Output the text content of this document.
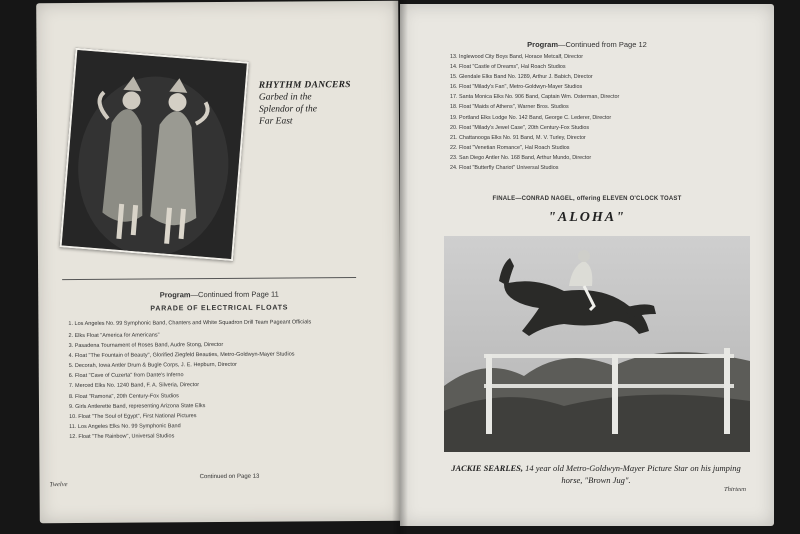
RHYTHM DANCERS
Garbed in the
Splendor of the
Far East
Program—Continued from Page 11
PARADE OF ELECTRICAL FLOATS
1. Los Angeles No. 99 Symphonic Band, Chanters and White Squadron Drill Team Pageant Officials
2. Elks Float "America for Americans"
3. Pasadena Tournament of Roses Band, Audre Stong, Director
4. Float "The Fountain of Beauty", Glorified Ziegfeld Beauties, Metro-Goldwyn-Mayer Studios
5. Decorah, Iowa Antler Drum & Bugle Corps, J. E. Hepburn, Director
6. Float "Cave of Cuzerta" from Dante's Inferno
7. Merced Elks No. 1240 Band, F. A. Silveria, Director
8. Float "Ramona", 20th Century-Fox Studios
9. Girls Antlerette Band, representing Arizona State Elks
10. Float "The Soul of Egypt", First National Pictures
11. Los Angeles Elks No. 99 Symphonic Band
12. Float "The Rainbow", Universal Studios
Continued on Page 13
Twelve
Program—Continued from Page 12
13. Inglewood City Boys Band, Horace Metcalf, Director
14. Float "Castle of Dreams", Hal Roach Studios
15. Glendale Elks Band No. 1289, Arthur J. Babich, Director
16. Float "Milady's Fan", Metro-Goldwyn-Mayer Studios
17. Santa Monica Elks No. 906 Band, Captain Wm. Osterman, Director
18. Float "Maids of Athens", Warner Bros. Studios
19. Portland Elks Lodge No. 142 Band, George C. Lederer, Director
20. Float "Milady's Jewel Case", 20th Century-Fox Studios
21. Chattanooga Elks No. 91 Band, M. V. Turley, Director
22. Float "Venetian Romance", Hal Roach Studios
23. San Diego Antler No. 168 Band, Arthur Mundo, Director
24. Float "Butterfly Chariot" Universal Studios
FINALE—CONRAD NAGEL, offering ELEVEN O'CLOCK TOAST
"ALOHA"
JACKIE SEARLES, 14 year old Metro-Goldwyn-Mayer Picture Star on his jumping
horse, "Brown Jug".
Thirteen
